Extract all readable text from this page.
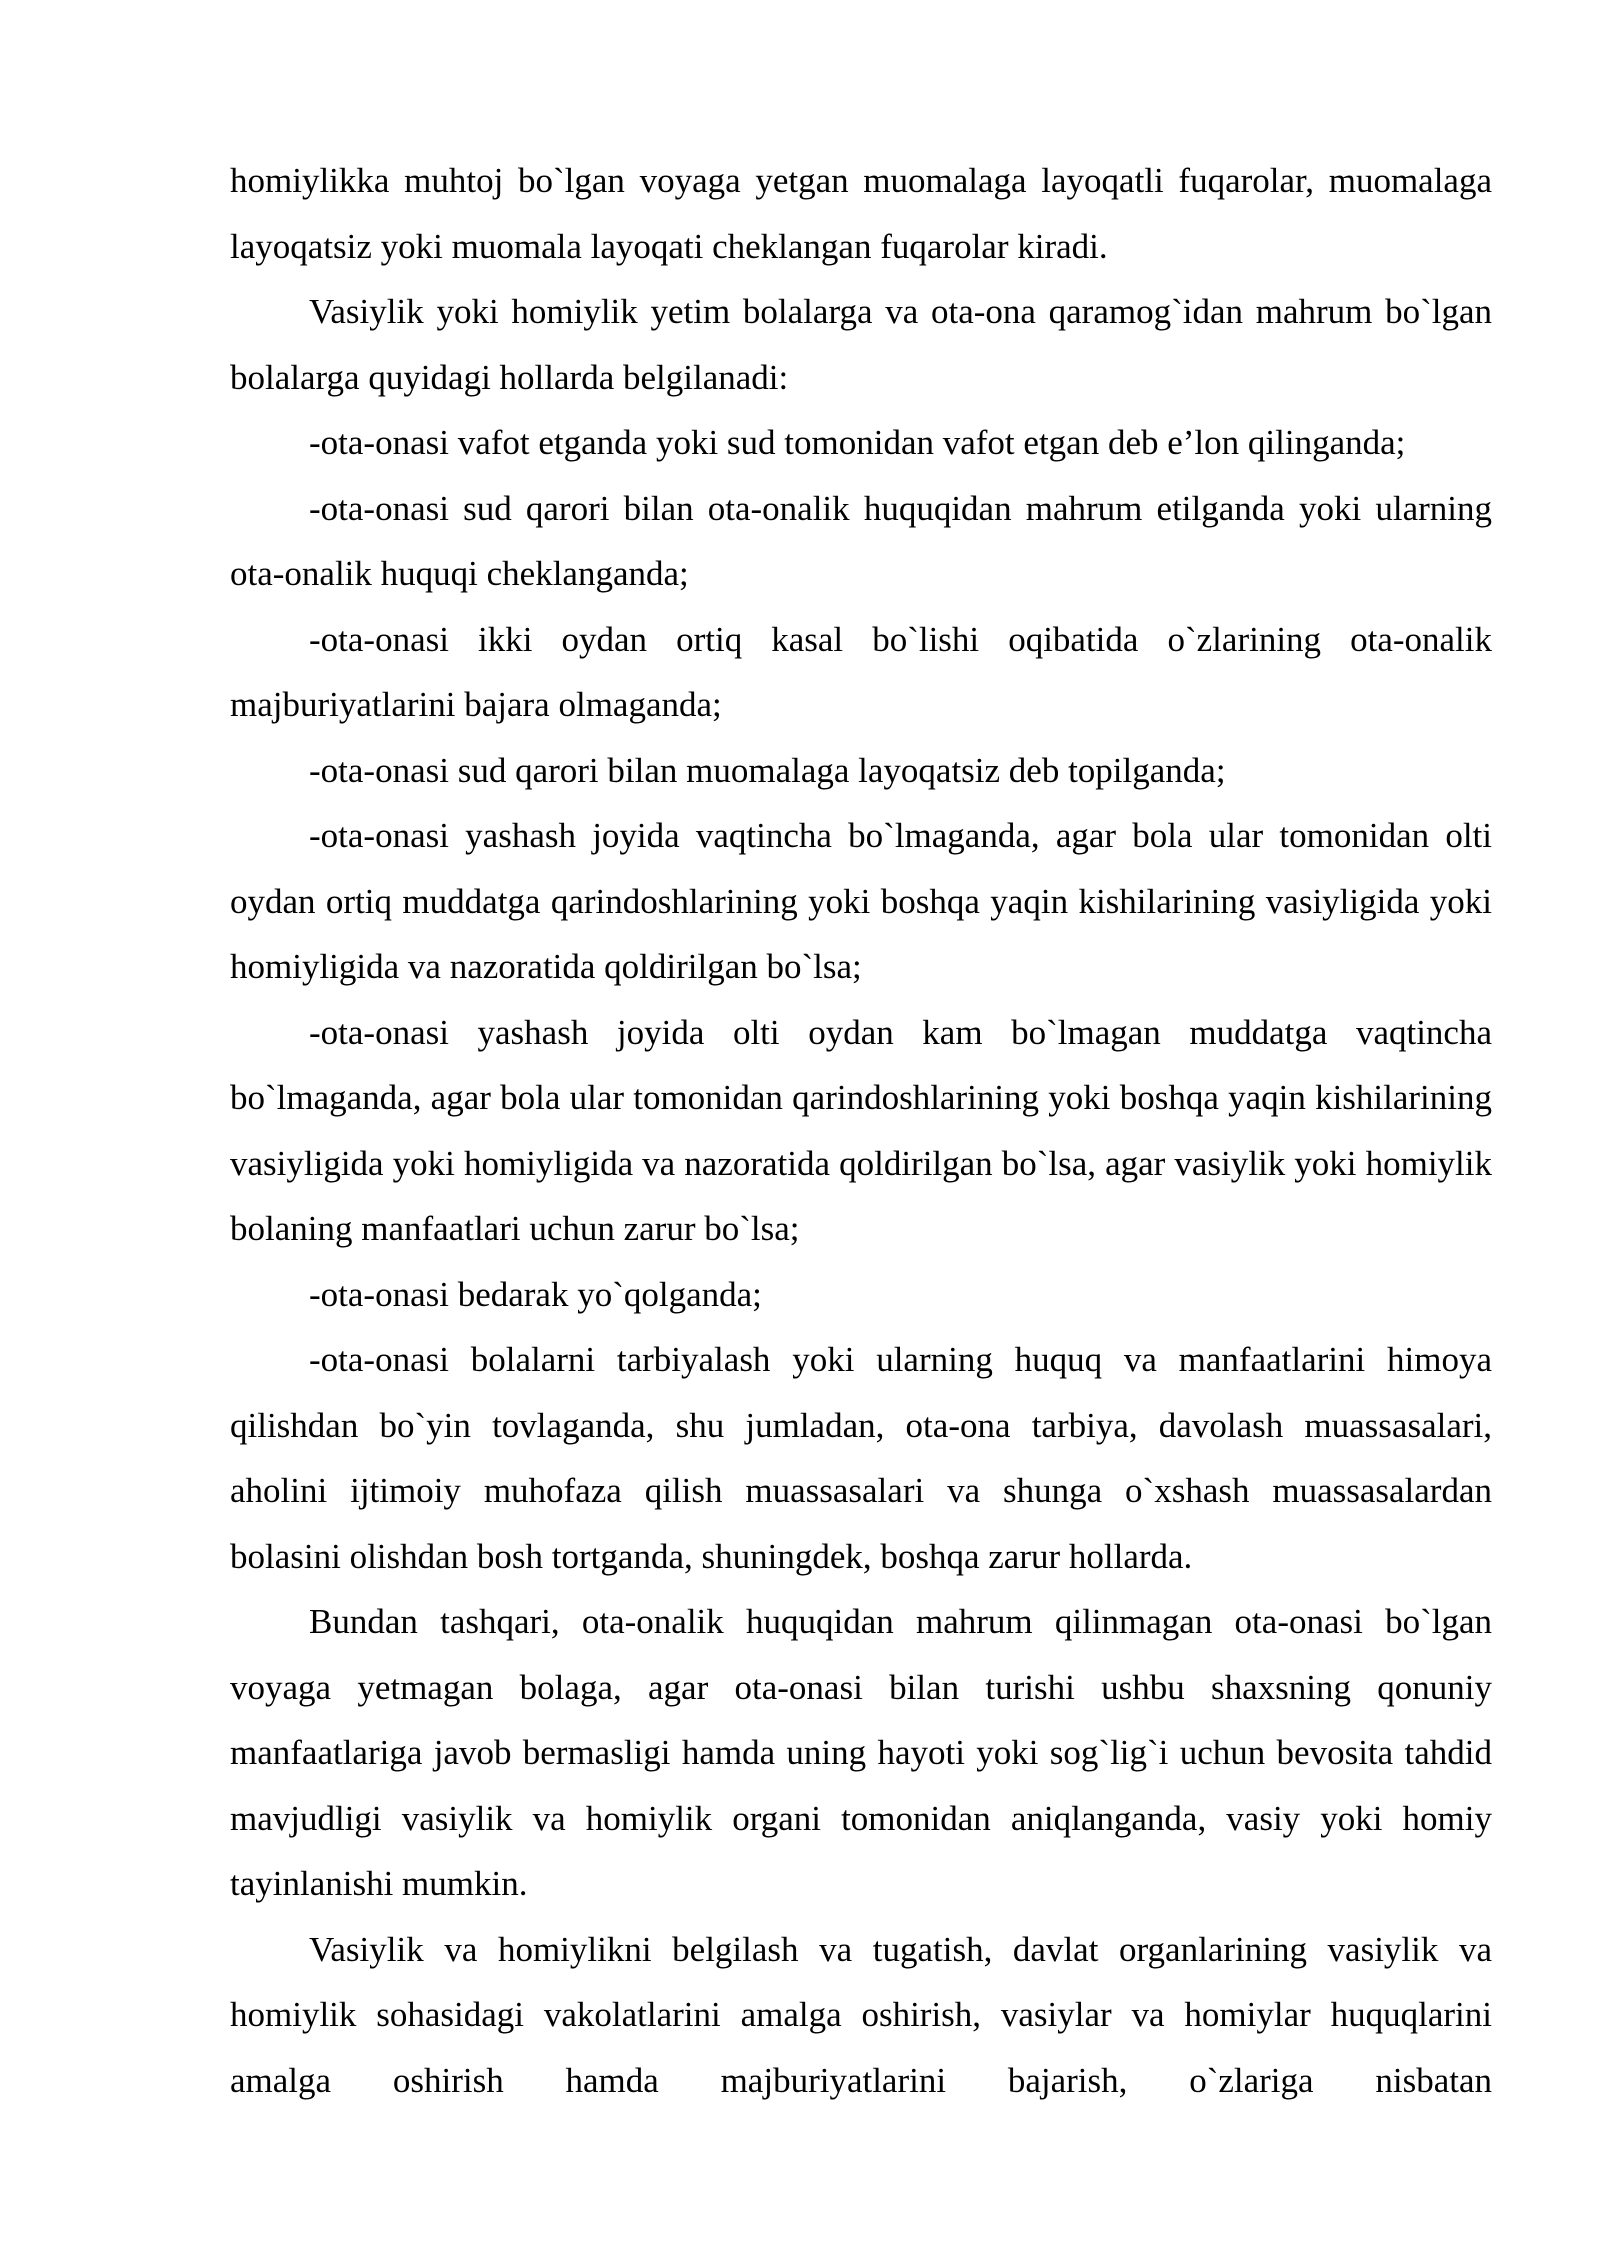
homiylikka muhtoj bo`lgan voyaga yetgan muomalaga layoqatli fuqarolar, muomalaga layoqatsiz yoki muomala layoqati cheklangan fuqarolar kiradi.

Vasiylik yoki homiylik yetim bolalarga va ota-ona qaramog`idan mahrum bo`lgan bolalarga quyidagi hollarda belgilanadi:

-ota-onasi vafot etganda yoki sud tomonidan vafot etgan deb e’lon qilinganda;

-ota-onasi sud qarori bilan ota-onalik huquqidan mahrum etilganda yoki ularning ota-onalik huquqi cheklanganda;

-ota-onasi ikki oydan ortiq kasal bo`lishi oqibatida o`zlarining ota-onalik majburiyatlarini bajara olmaganda;

-ota-onasi sud qarori bilan muomalaga layoqatsiz deb topilganda;

-ota-onasi yashash joyida vaqtincha bo`lmaganda, agar bola ular tomonidan olti oydan ortiq muddatga qarindoshlarining yoki boshqa yaqin kishilarining vasiyligida yoki homiyligida va nazoratida qoldirilgan bo`lsa;

-ota-onasi yashash joyida olti oydan kam bo`lmagan muddatga vaqtincha bo`lmaganda, agar bola ular tomonidan qarindoshlarining yoki boshqa yaqin kishilarining vasiyligida yoki homiyligida va nazoratida qoldirilgan bo`lsa, agar vasiylik yoki homiylik bolaning manfaatlari uchun zarur bo`lsa;

-ota-onasi bedarak yo`qolganda;

-ota-onasi bolalarni tarbiyalash yoki ularning huquq va manfaatlarini himoya qilishdan bo`yin tovlaganda, shu jumladan, ota-ona tarbiya, davolash muassasalari, aholini ijtimoiy muhofaza qilish muassasalari va shunga o`xshash muassasalardan bolasini olishdan bosh tortganda, shuningdek, boshqa zarur hollarda.

Bundan tashqari, ota-onalik huquqidan mahrum qilinmagan ota-onasi bo`lgan voyaga yetmagan bolaga, agar ota-onasi bilan turishi ushbu shaxsning qonuniy manfaatlariga javob bermasligi hamda uning hayoti yoki sog`lig`i uchun bevosita tahdid mavjudligi vasiylik va homiylik organi tomonidan aniqlanganda, vasiy yoki homiy tayinlanishi mumkin.

Vasiylik va homiylikni belgilash va tugatish, davlat organlarining vasiylik va homiylik sohasidagi vakolatlarini amalga oshirish, vasiylar va homiylar huquqlarini amalga oshirish hamda majburiyatlarini bajarish, o`zlariga nisbatan
